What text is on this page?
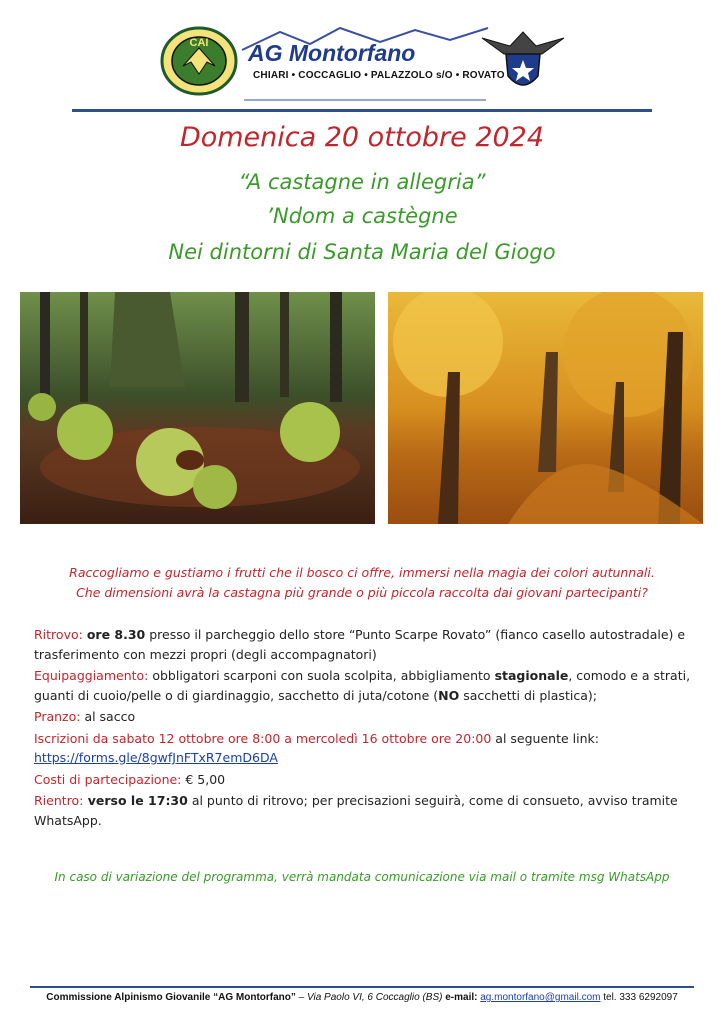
CAI AG Montorfano
CHIARI • COCCAGLIO • PALAZZOLO s/O • ROVATO
Domenica 20 ottobre 2024
“A castagne in allegria”
’Ndom a castègne
Nei dintorni di Santa Maria del Giogo
Raccogliamo e gustiamo i frutti che il bosco ci offre, immersi nella magia dei colori autunnali.
Che dimensioni avrà la castagna più grande o più piccola raccolta dai giovani partecipanti?

Ritrovo: ore 8.30 presso il parcheggio dello store “Punto Scarpe Rovato” (fianco casello autostradale) e trasferimento con mezzi propri (degli accompagnatori)

Equipaggiamento: obbligatori scarponi con suola scolpita, abbigliamento stagionale, comodo e a strati, guanti di cuoio/pelle o di giardinaggio, sacchetto di juta/cotone (NO sacchetti di plastica);

Pranzo: al sacco

Iscrizioni da sabato 12 ottobre ore 8:00 a mercoledì 16 ottobre ore 20:00 al seguente link:
https://forms.gle/8gwfJnFTxR7emD6DA

Costi di partecipazione: € 5,00

Rientro: verso le 17:30 al punto di ritrovo; per precisazioni seguirà, come di consueto, avviso tramite WhatsApp.

In caso di variazione del programma, verrà mandata comunicazione via mail o tramite msg WhatsApp
Commissione Alpinismo Giovanile “AG Montorfano” – Via Paolo VI, 6 Coccaglio (BS) e-mail: ag.montorfano@gmail.com tel. 333 6292097
